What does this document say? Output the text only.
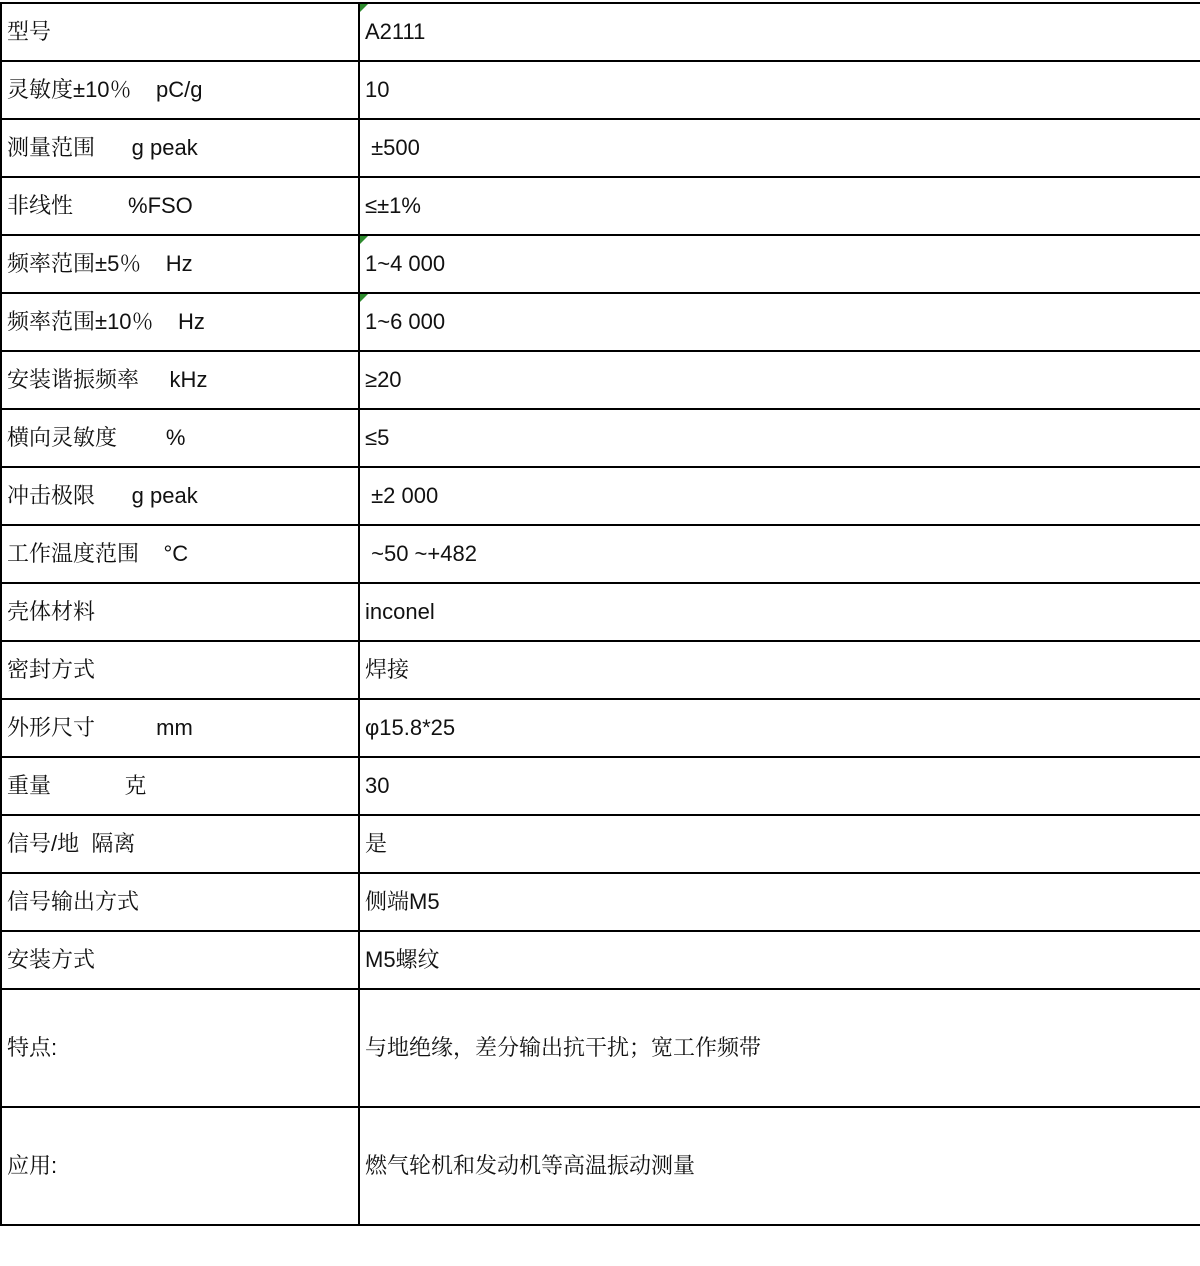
型号	A2111
灵敏度±10％    pC/g	10
测量范围      g peak	±500
非线性         %FSO	≤±1%
频率范围±5％    Hz	1~4 000
频率范围±10％    Hz	1~6 000
安装谐振频率     kHz	≥20
横向灵敏度        %	≤5
冲击极限      g peak	±2 000
工作温度范围    °C	~50 ~+482
壳体材料	inconel
密封方式	焊接
外形尺寸          mm	φ15.8*25
重量            克	30
信号/地  隔离	是
信号输出方式	侧端M5
安装方式	M5螺纹
特点:	与地绝缘，差分输出抗干扰；宽工作频带
应用:	燃气轮机和发动机等高温振动测量
